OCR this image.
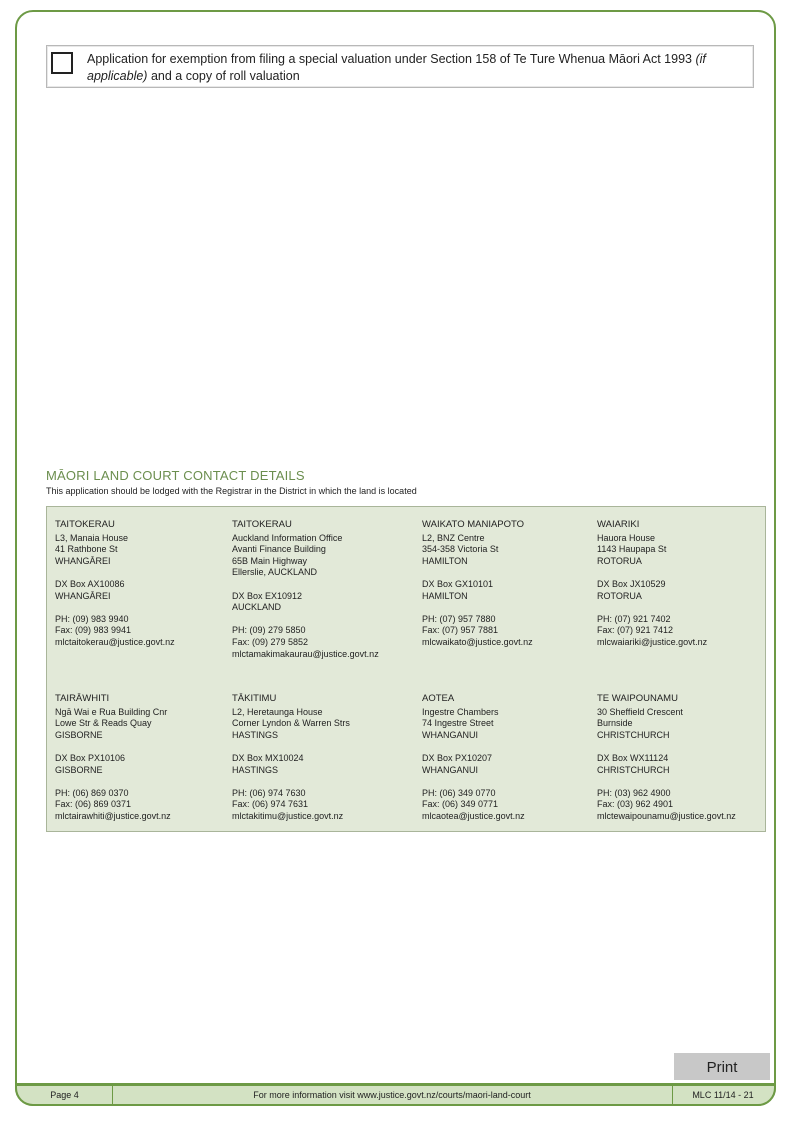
Application for exemption from filing a special valuation under Section 158 of Te Ture Whenua Māori Act 1993 (if applicable) and a copy of roll valuation
MĀORI LAND COURT CONTACT DETAILS
This application should be lodged with the Registrar in the District in which the land is located
TAITOKERAU
L3, Manaia House
41 Rathbone St
WHANGĀREI
DX Box AX10086
WHANGĀREI
PH: (09) 983 9940
Fax: (09) 983 9941
mlctaitokerau@justice.govt.nz
TAITOKERAU
Auckland Information Office
Avanti Finance Building
65B Main Highway
Ellerslie, AUCKLAND
DX Box EX10912
AUCKLAND
PH: (09) 279 5850
Fax: (09) 279 5852
mlctamakimakaurau@justice.govt.nz
WAIKATO MANIAPOTO
L2, BNZ Centre
354-358 Victoria St
HAMILTON
DX Box GX10101
HAMILTON
PH: (07) 957 7880
Fax: (07) 957 7881
mlcwaikato@justice.govt.nz
WAIARIKI
Hauora House
1143 Haupapa St
ROTORUA
DX Box JX10529
ROTORUA
PH: (07) 921 7402
Fax: (07) 921 7412
mlcwaiariki@justice.govt.nz
TAIRĀWHITI
Ngā Wai e Rua Building Cnr
Lowe Str & Reads Quay
GISBORNE
DX Box PX10106
GISBORNE
PH: (06) 869 0370
Fax: (06) 869 0371
mlctairawhiti@justice.govt.nz
TĀKITIMU
L2, Heretaunga House
Corner Lyndon & Warren Strs
HASTINGS
DX Box MX10024
HASTINGS
PH: (06) 974 7630
Fax: (06) 974 7631
mlctakitimu@justice.govt.nz
AOTEA
Ingestre Chambers
74 Ingestre Street
WHANGANUI
DX Box PX10207
WHANGANUI
PH: (06) 349 0770
Fax: (06) 349 0771
mlcaotea@justice.govt.nz
TE WAIPOUNAMU
30 Sheffield Crescent
Burnside
CHRISTCHURCH
DX Box WX11124
CHRISTCHURCH
PH: (03) 962 4900
Fax: (03) 962 4901
mlctewaipounamu@justice.govt.nz
Print
Page 4	For more information visit www.justice.govt.nz/courts/maori-land-court	MLC 11/14 - 21
